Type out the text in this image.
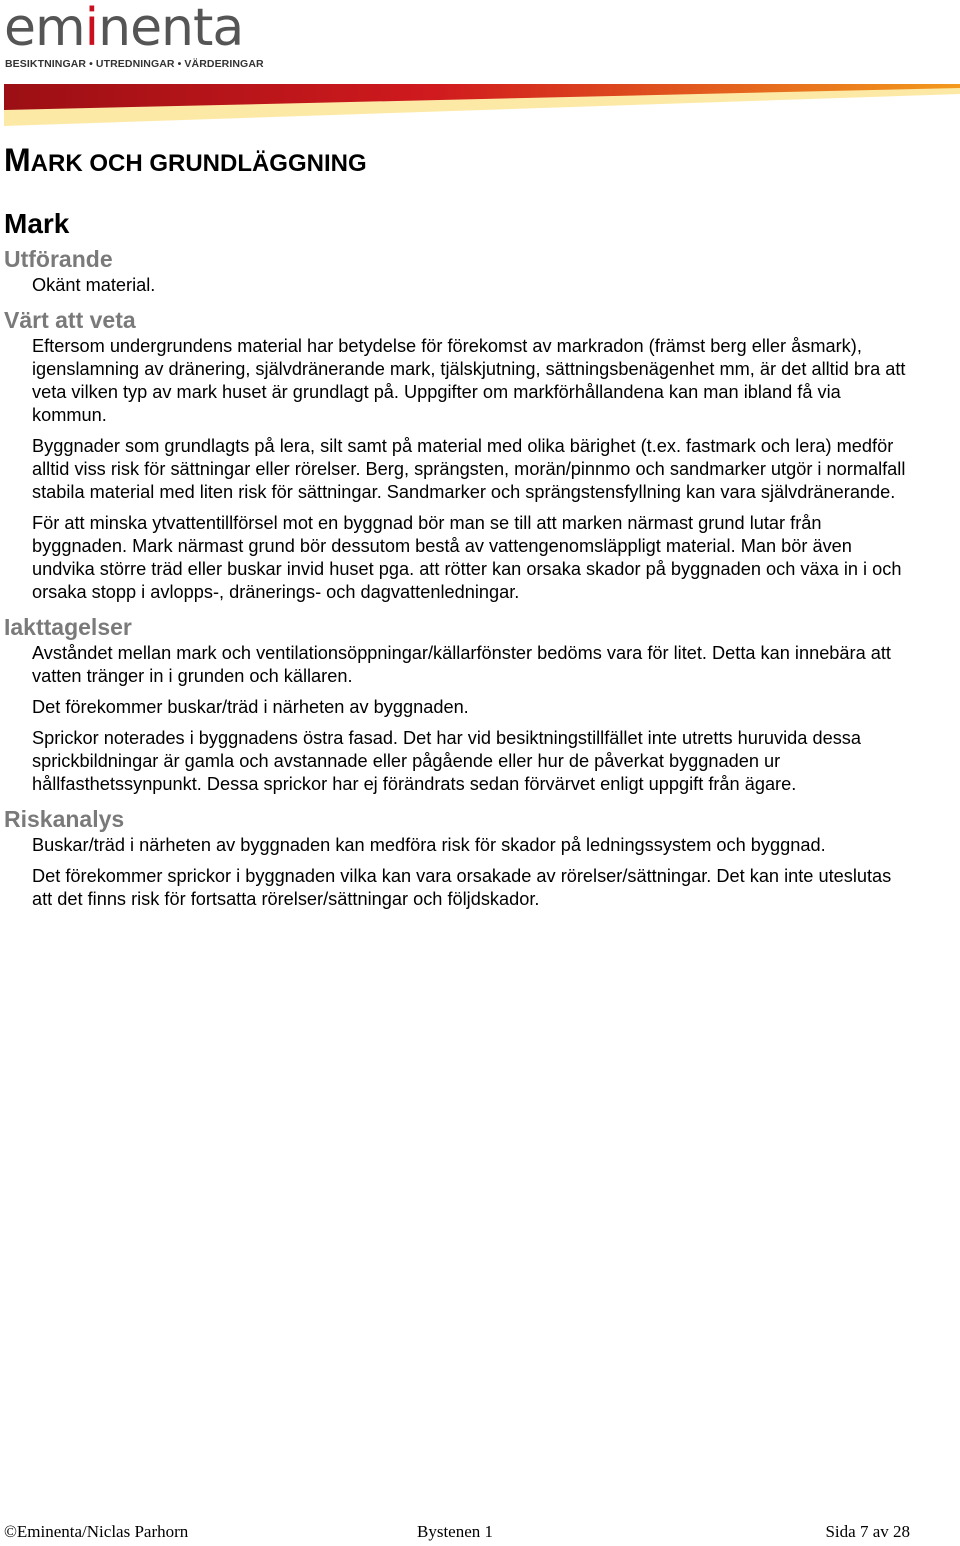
eminenta
BESIKTNINGAR • UTREDNINGAR • VÄRDERINGAR
MARK OCH GRUNDLÄGGNING
Mark
Utförande

Okänt material.

Värt att veta

Eftersom undergrundens material har betydelse för förekomst av markradon (främst berg eller åsmark), igenslamning av dränering, självdränerande mark, tjälskjutning, sättningsbenägenhet mm, är det alltid bra att veta vilken typ av mark huset är grundlagt på. Uppgifter om markförhållandena kan man ibland få via kommun.

Byggnader som grundlagts på lera, silt samt på material med olika bärighet (t.ex. fastmark och lera) medför alltid viss risk för sättningar eller rörelser. Berg, sprängsten, morän/pinnmo och sandmarker utgör i normalfall stabila material med liten risk för sättningar. Sandmarker och sprängstensfyllning kan vara självdränerande.

För att minska ytvattentillförsel mot en byggnad bör man se till att marken närmast grund lutar från byggnaden. Mark närmast grund bör dessutom bestå av vattengenomsläppligt material. Man bör även undvika större träd eller buskar invid huset pga. att rötter kan orsaka skador på byggnaden och växa in i och orsaka stopp i avlopps-, dränerings- och dagvattenledningar.

Iakttagelser

Avståndet mellan mark och ventilationsöppningar/källarfönster bedöms vara för litet. Detta kan innebära att vatten tränger in i grunden och källaren.

Det förekommer buskar/träd i närheten av byggnaden.

Sprickor noterades i byggnadens östra fasad. Det har vid besiktningstillfället inte utretts huruvida dessa sprickbildningar är gamla och avstannade eller pågående eller hur de påverkat byggnaden ur hållfasthetssynpunkt. Dessa sprickor har ej förändrats sedan förvärvet enligt uppgift från ägare.

Riskanalys

Buskar/träd i närheten av byggnaden kan medföra risk för skador på ledningssystem och byggnad.

Det förekommer sprickor i byggnaden vilka kan vara orsakade av rörelser/sättningar. Det kan inte uteslutas att det finns risk för fortsatta rörelser/sättningar och följdskador.

©Eminenta/Niclas Parhorn	Bystenen 1	Sida 7 av 28
